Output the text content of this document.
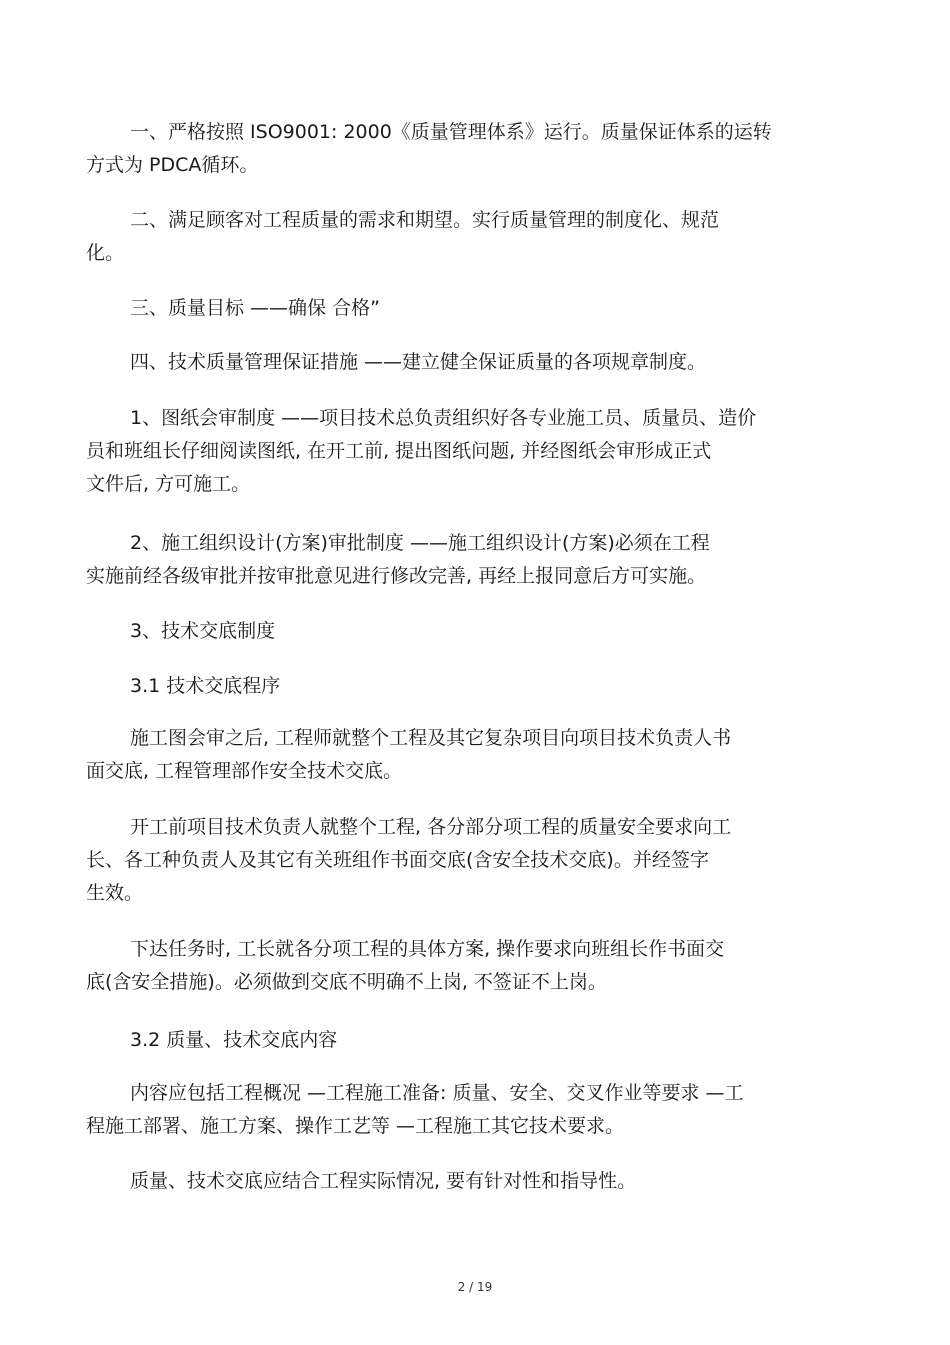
一、严格按照 ISO9001: 2000《质量管理体系》运行。质量保证体系的运转
方式为 PDCA循环。
二、满足顾客对工程质量的需求和期望。实行质量管理的制度化、规范
化。
三、质量目标 ——确保 合格”
四、技术质量管理保证措施 ——建立健全保证质量的各项规章制度。
1、图纸会审制度 ——项目技术总负责组织好各专业施工员、质量员、造价
员和班组长仔细阅读图纸, 在开工前, 提出图纸问题, 并经图纸会审形成正式
文件后, 方可施工。
2、施工组织设计(方案)审批制度 ——施工组织设计(方案)必须在工程
实施前经各级审批并按审批意见进行修改完善, 再经上报同意后方可实施。
3、技术交底制度
3.1 技术交底程序
施工图会审之后, 工程师就整个工程及其它复杂项目向项目技术负责人书
面交底, 工程管理部作安全技术交底。
开工前项目技术负责人就整个工程, 各分部分项工程的质量安全要求向工
长、各工种负责人及其它有关班组作书面交底(含安全技术交底)。并经签字
生效。
下达任务时, 工长就各分项工程的具体方案, 操作要求向班组长作书面交
底(含安全措施)。必须做到交底不明确不上岗, 不签证不上岗。
3.2 质量、技术交底内容
内容应包括工程概况 —工程施工准备: 质量、安全、交叉作业等要求 —工
程施工部署、施工方案、操作工艺等 —工程施工其它技术要求。
质量、技术交底应结合工程实际情况, 要有针对性和指导性。
2 / 19
